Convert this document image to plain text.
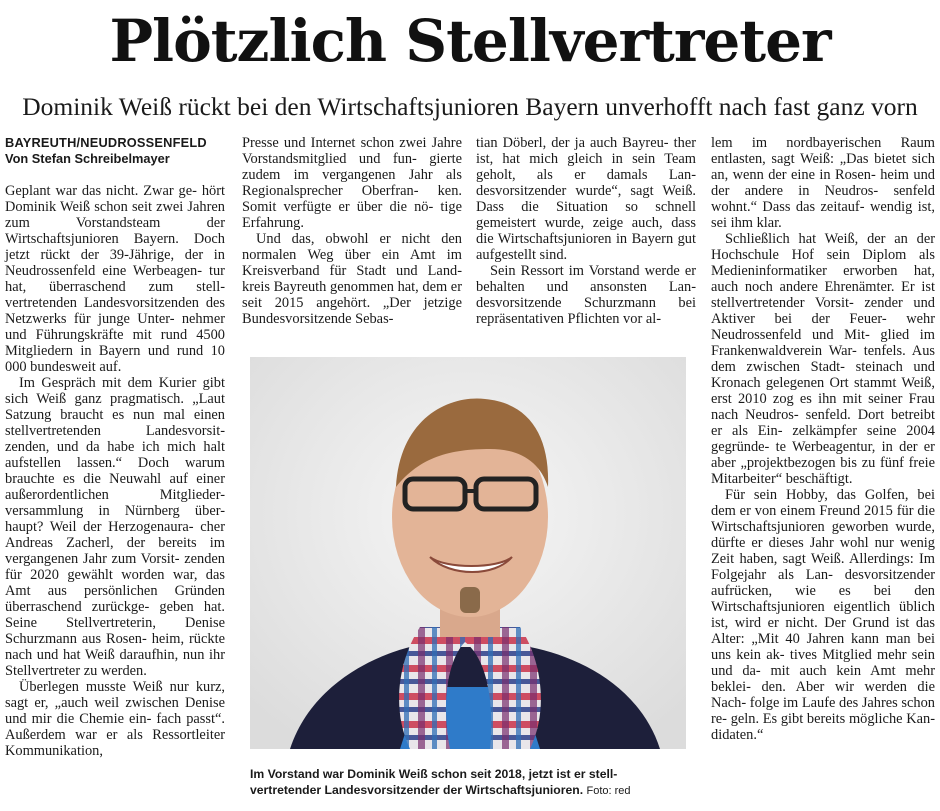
Plötzlich Stellvertreter
Dominik Weiß rückt bei den Wirtschaftsjunioren Bayern unverhofft nach fast ganz vorn

BAYREUTH/NEUDROSSENFELD

Von Stefan Schreibelmayer

Geplant war das nicht. Zwar ge- hört Dominik Weiß schon seit zwei Jahren zum Vorstandsteam der Wirtschaftsjunioren Bayern. Doch jetzt rückt der 39-Jährige, der in Neudrossenfeld eine Werbeagen- tur hat, überraschend zum stell- vertretenden Landesvorsitzenden des Netzwerks für junge Unter- nehmer und Führungskräfte mit rund 4500 Mitgliedern in Bayern und rund 10 000 bundesweit auf.

Im Gespräch mit dem Kurier gibt sich Weiß ganz pragmatisch. „Laut Satzung braucht es nun mal einen stellvertretenden Landesvorsit- zenden, und da habe ich mich halt aufstellen lassen.“ Doch warum brauchte es die Neuwahl auf einer außerordentlichen Mitglieder- versammlung in Nürnberg über- haupt? Weil der Herzogenaura- cher Andreas Zacherl, der bereits im vergangenen Jahr zum Vorsit- zenden für 2020 gewählt worden war, das Amt aus persönlichen Gründen überraschend zurückge- geben hat. Seine Stellvertreterin, Denise Schurzmann aus Rosen- heim, rückte nach und hat Weiß daraufhin, nun ihr Stellvertreter zu werden.

Überlegen musste Weiß nur kurz, sagt er, „auch weil zwischen Denise und mir die Chemie ein- fach passt“. Außerdem war er als Ressortleiter Kommunikation,

Presse und Internet schon zwei Jahre Vorstandsmitglied und fun- gierte zudem im vergangenen Jahr als Regionalsprecher Oberfran- ken. Somit verfügte er über die nö- tige Erfahrung.

Und das, obwohl er nicht den normalen Weg über ein Amt im Kreisverband für Stadt und Land- kreis Bayreuth genommen hat, dem er seit 2015 angehört. „Der jetzige Bundesvorsitzende Sebas-

tian Döberl, der ja auch Bayreu- ther ist, hat mich gleich in sein Team geholt, als er damals Lan- desvorsitzender wurde“, sagt Weiß. Dass die Situation so schnell gemeistert wurde, zeige auch, dass die Wirtschaftsjunioren in Bayern gut aufgestellt sind.

Sein Ressort im Vorstand werde er behalten und ansonsten Lan- desvorsitzende Schurzmann bei repräsentativen Pflichten vor al-

lem im nordbayerischen Raum entlasten, sagt Weiß: „Das bietet sich an, wenn der eine in Rosen- heim und der andere in Neudros- senfeld wohnt.“ Dass das zeitauf- wendig ist, sei ihm klar.

Schließlich hat Weiß, der an der Hochschule Hof sein Diplom als Medieninformatiker erworben hat, auch noch andere Ehrenämter. Er ist stellvertretender Vorsit- zender und Aktiver bei der Feuer- wehr Neudrossenfeld und Mit- glied im Frankenwaldverein War- tenfels. Aus dem zwischen Stadt- steinach und Kronach gelegenen Ort stammt Weiß, erst 2010 zog es ihn mit seiner Frau nach Neudros- senfeld. Dort betreibt er als Ein- zelkämpfer seine 2004 gegründe- te Werbeagentur, in der er aber „projektbezogen bis zu fünf freie Mitarbeiter“ beschäftigt.

Für sein Hobby, das Golfen, bei dem er von einem Freund 2015 für die Wirtschaftsjunioren geworben wurde, dürfte er dieses Jahr wohl nur wenig Zeit haben, sagt Weiß. Allerdings: Im Folgejahr als Lan- desvorsitzender aufrücken, wie es bei den Wirtschaftsjunioren eigentlich üblich ist, wird er nicht. Der Grund ist das Alter: „Mit 40 Jahren kann man bei uns kein ak- tives Mitglied mehr sein und da- mit auch kein Amt mehr beklei- den. Aber wir werden die Nach- folge im Laufe des Jahres schon re- geln. Es gibt bereits mögliche Kan- didaten.“

Im Vorstand war Dominik Weiß schon seit 2018, jetzt ist er stell-
vertretender Landesvorsitzender der Wirtschaftsjunioren. Foto: red
